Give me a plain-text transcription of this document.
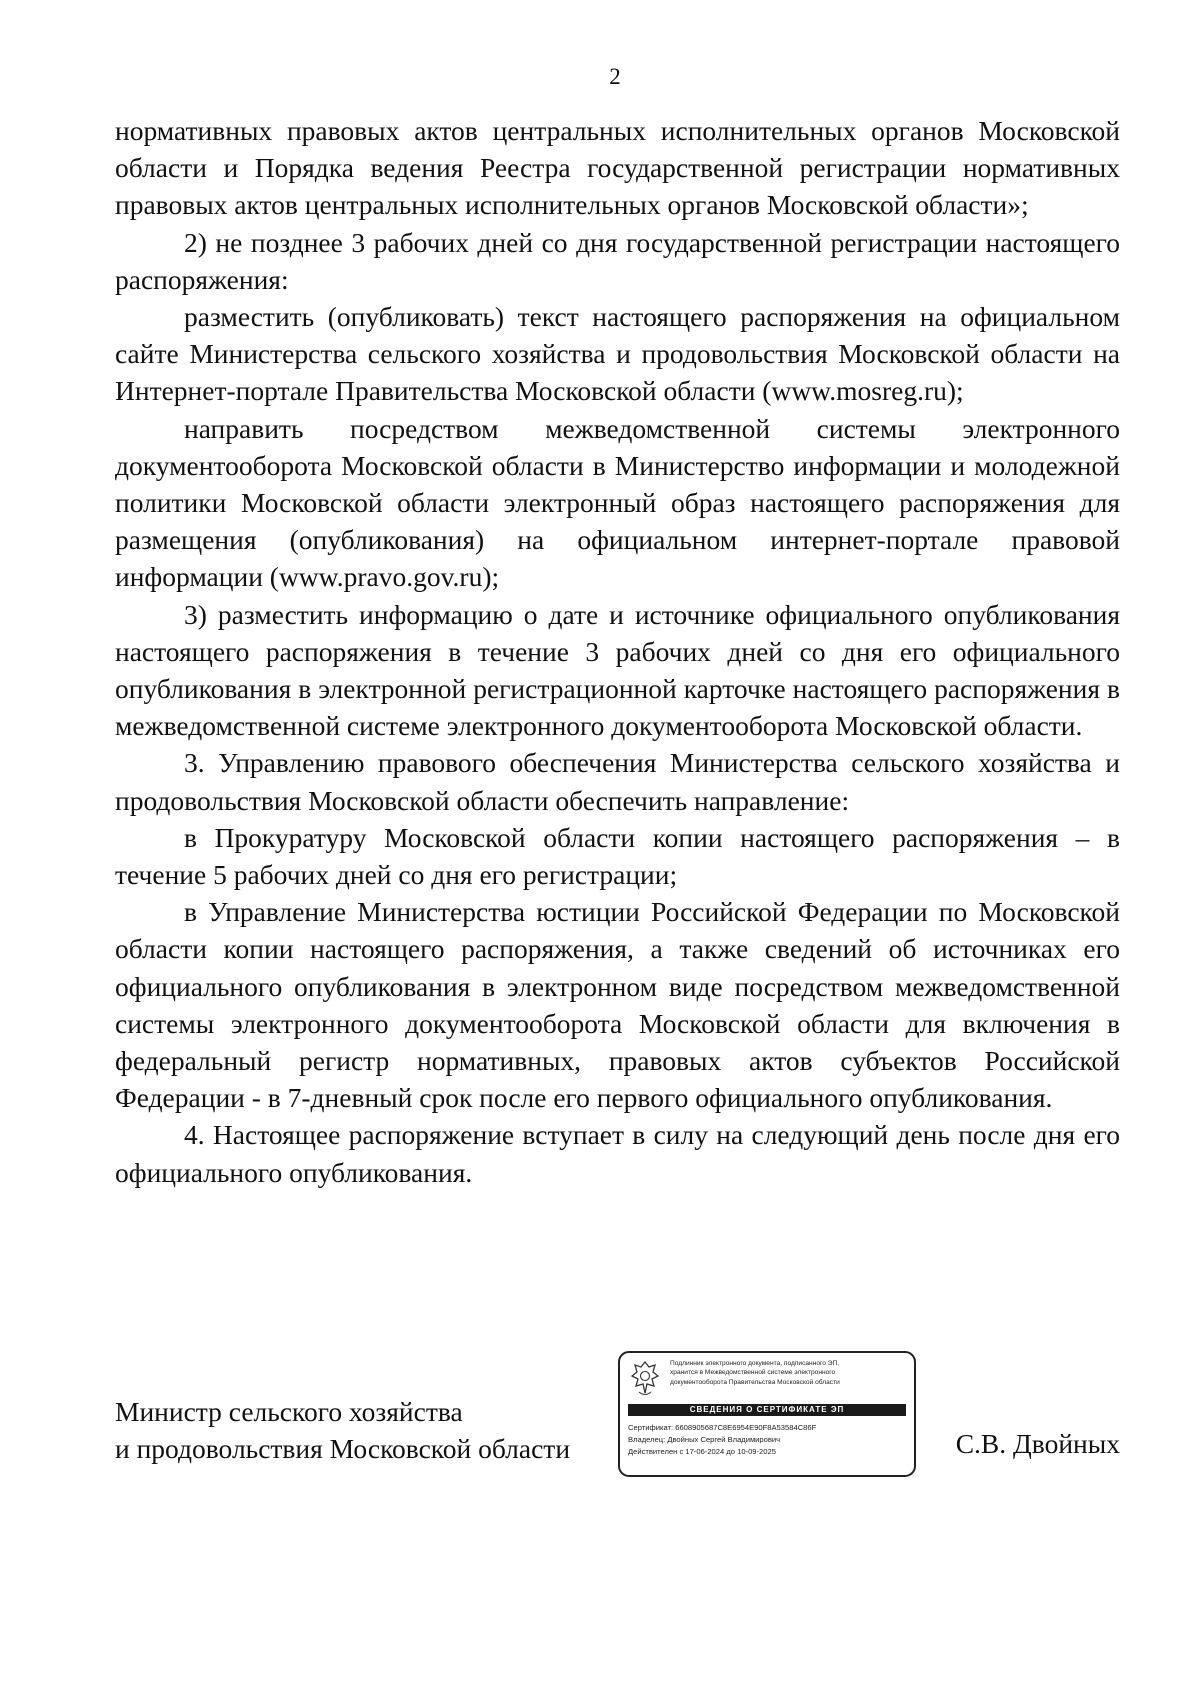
2

нормативных правовых актов центральных исполнительных органов Московской области и Порядка ведения Реестра государственной регистрации нормативных правовых актов центральных исполнительных органов Московской области»;

2) не позднее 3 рабочих дней со дня государственной регистрации настоящего распоряжения:

разместить (опубликовать) текст настоящего распоряжения на официальном сайте Министерства сельского хозяйства и продовольствия Московской области на Интернет-портале Правительства Московской области (www.mosreg.ru);

направить посредством межведомственной системы электронного документооборота Московской области в Министерство информации и молодежной политики Московской области электронный образ настоящего распоряжения для размещения (опубликования) на официальном интернет-портале правовой информации (www.pravo.gov.ru);

3) разместить информацию о дате и источнике официального опубликования настоящего распоряжения в течение 3 рабочих дней со дня его официального опубликования в электронной регистрационной карточке настоящего распоряжения в межведомственной системе электронного документооборота Московской области.

3. Управлению правового обеспечения Министерства сельского хозяйства и продовольствия Московской области обеспечить направление:

в Прокуратуру Московской области копии настоящего распоряжения – в течение 5 рабочих дней со дня его регистрации;

в Управление Министерства юстиции Российской Федерации по Московской области копии настоящего распоряжения, а также сведений об источниках его официального опубликования в электронном виде посредством межведомственной системы электронного документооборота Московской области для включения в федеральный регистр нормативных, правовых актов субъектов Российской Федерации - в 7-дневный срок после его первого официального опубликования.

4. Настоящее распоряжение вступает в силу на следующий день после дня его официального опубликования.

Министр сельского хозяйства
и продовольствия Московской области
Подлинник электронного документа, подписанного ЭП,
хранится в Межведомственной системе электронного
документооборота Правительства Московской области
СВЕДЕНИЯ О СЕРТИФИКАТЕ ЭП
Сертификат: 6608905687C8E6954E90F8A53584C86F
Владелец: Двойных Сергей Владимирович
Действителен с 17-06-2024 до 10-09-2025	С.В. Двойных
